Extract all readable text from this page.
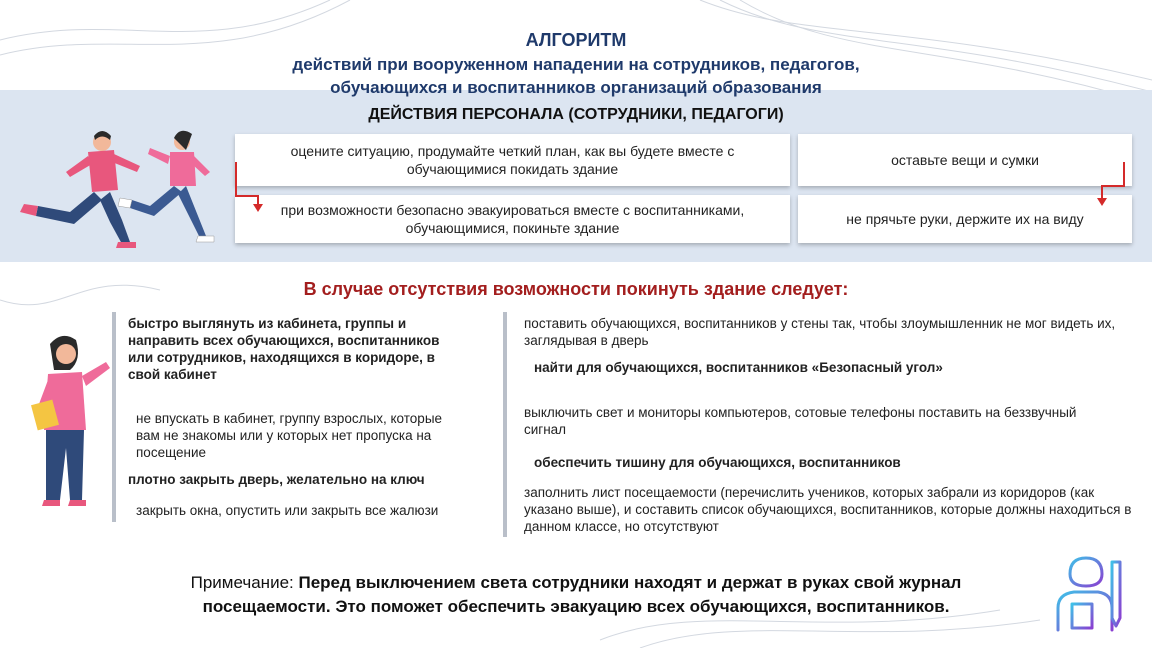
АЛГОРИТМ
действий при вооруженном нападении на сотрудников, педагогов,
обучающихся и воспитанников организаций образования
ДЕЙСТВИЯ ПЕРСОНАЛА (СОТРУДНИКИ, ПЕДАГОГИ)
оцените ситуацию, продумайте четкий план, как вы будете вместе с обучающимися покидать здание
оставьте вещи и сумки
при возможности безопасно эвакуироваться вместе с воспитанниками, обучающимися, покиньте здание
не прячьте руки, держите их на виду
В случае отсутствия возможности покинуть здание следует:
быстро выглянуть из кабинета, группы и направить всех обучающихся, воспитанников или сотрудников, находящихся в коридоре, в свой кабинет
не впускать в кабинет, группу взрослых, которые вам не знакомы или у которых нет пропуска на посещение
плотно закрыть дверь, желательно на ключ
закрыть окна, опустить или закрыть все жалюзи
поставить обучающихся, воспитанников у стены так, чтобы злоумышленник не мог видеть их, заглядывая в дверь
найти для обучающихся, воспитанников «Безопасный угол»
выключить свет и мониторы компьютеров, сотовые телефоны поставить на беззвучный сигнал
обеспечить тишину для обучающихся, воспитанников
заполнить лист посещаемости (перечислить учеников, которых забрали из коридоров (как указано выше), и составить список обучающихся, воспитанников, которые должны находиться в данном классе, но отсутствуют
Примечание: Перед выключением света сотрудники находят и держат в руках свой журнал
посещаемости. Это поможет обеспечить эвакуацию всех обучающихся, воспитанников.
